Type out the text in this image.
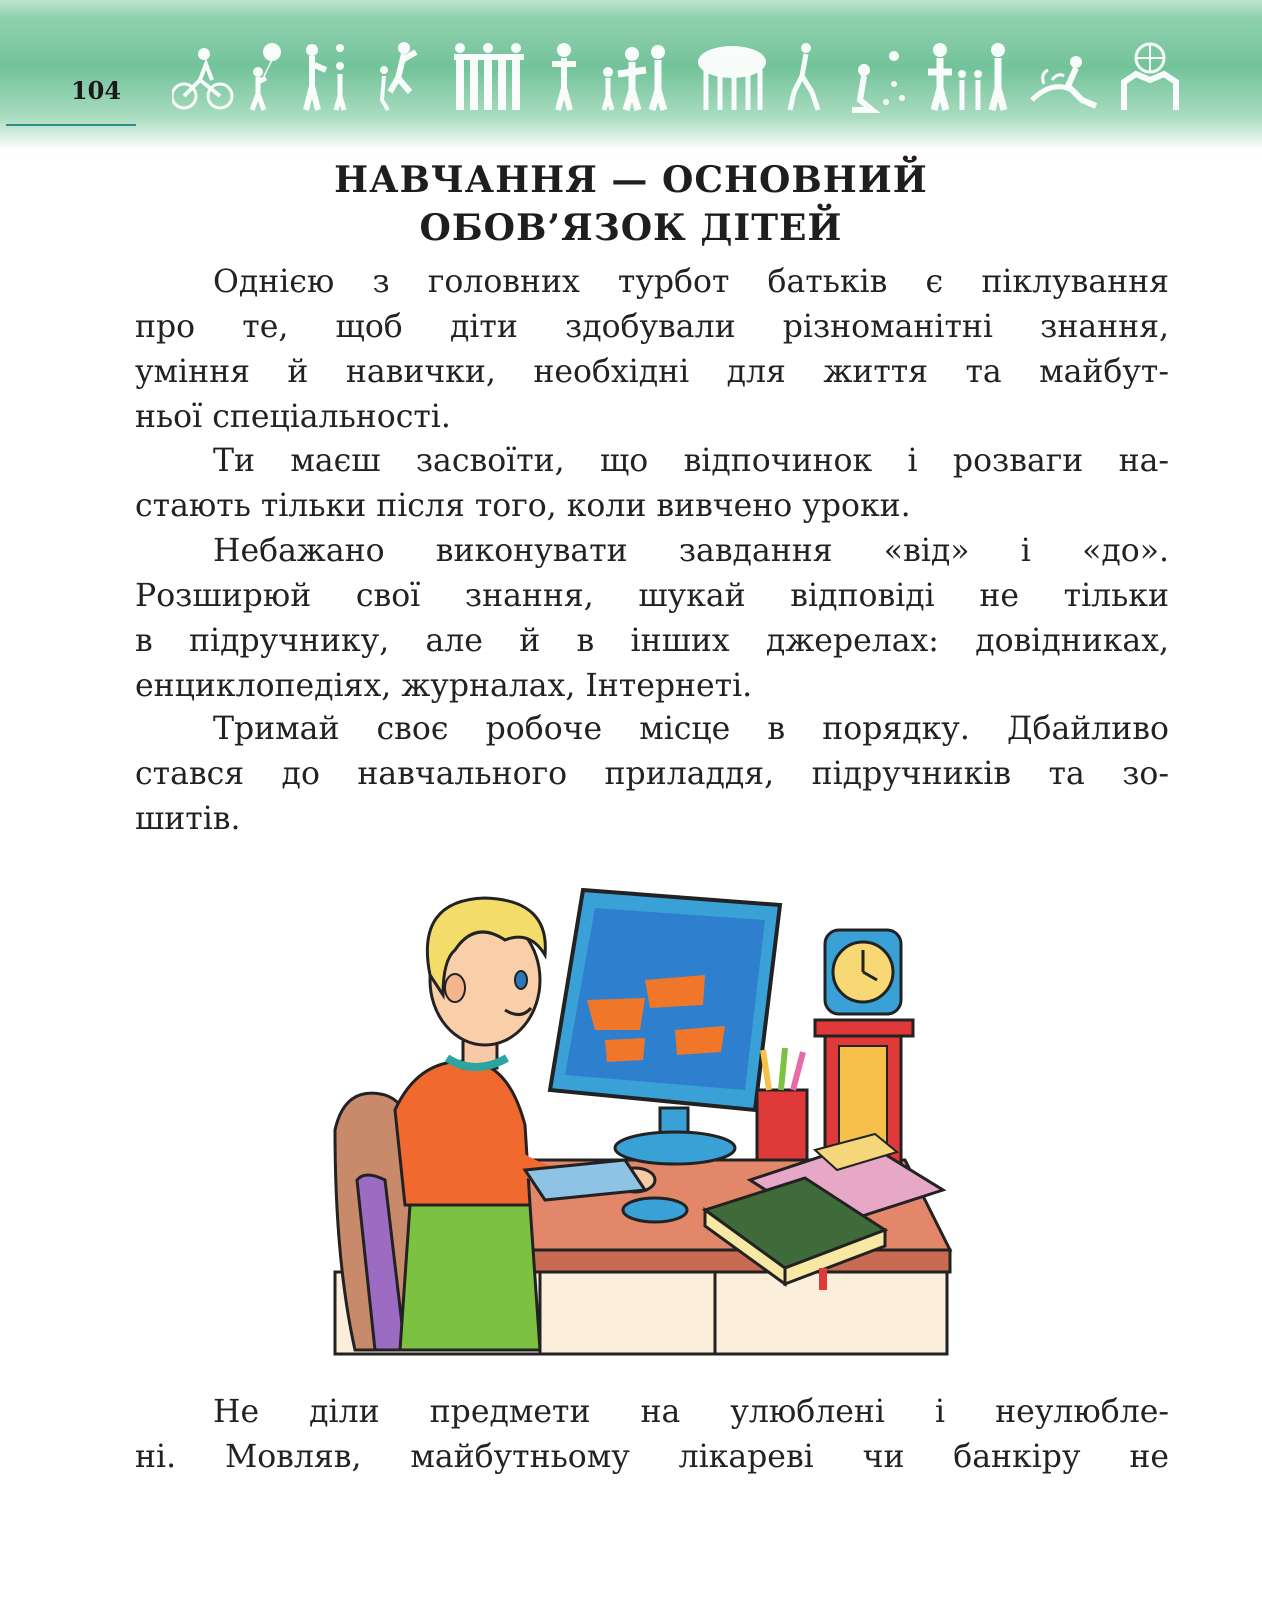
104
НАВЧАННЯ — ОСНОВНИЙ
ОБОВ’ЯЗОК ДІТЕЙ
Однією з головних турбот батьків є піклування
про те, щоб діти здобували різноманітні знання,
уміння й навички, необхідні для життя та майбут-
ньої спеціальності.
Ти маєш засвоїти, що відпочинок і розваги на-
стають тільки після того, коли вивчено уроки.
Небажано виконувати завдання «від» і «до».
Розширюй свої знання, шукай відповіді не тільки
в підручнику, але й в інших джерелах: довідниках,
енциклопедіях, журналах, Інтернеті.
Тримай своє робоче місце в порядку. Дбайливо
стався до навчального приладдя, підручників та зо-
шитів.
Не діли предмети на улюблені і неулюбле-
ні. Мовляв, майбутньому лікареві чи банкіру не
